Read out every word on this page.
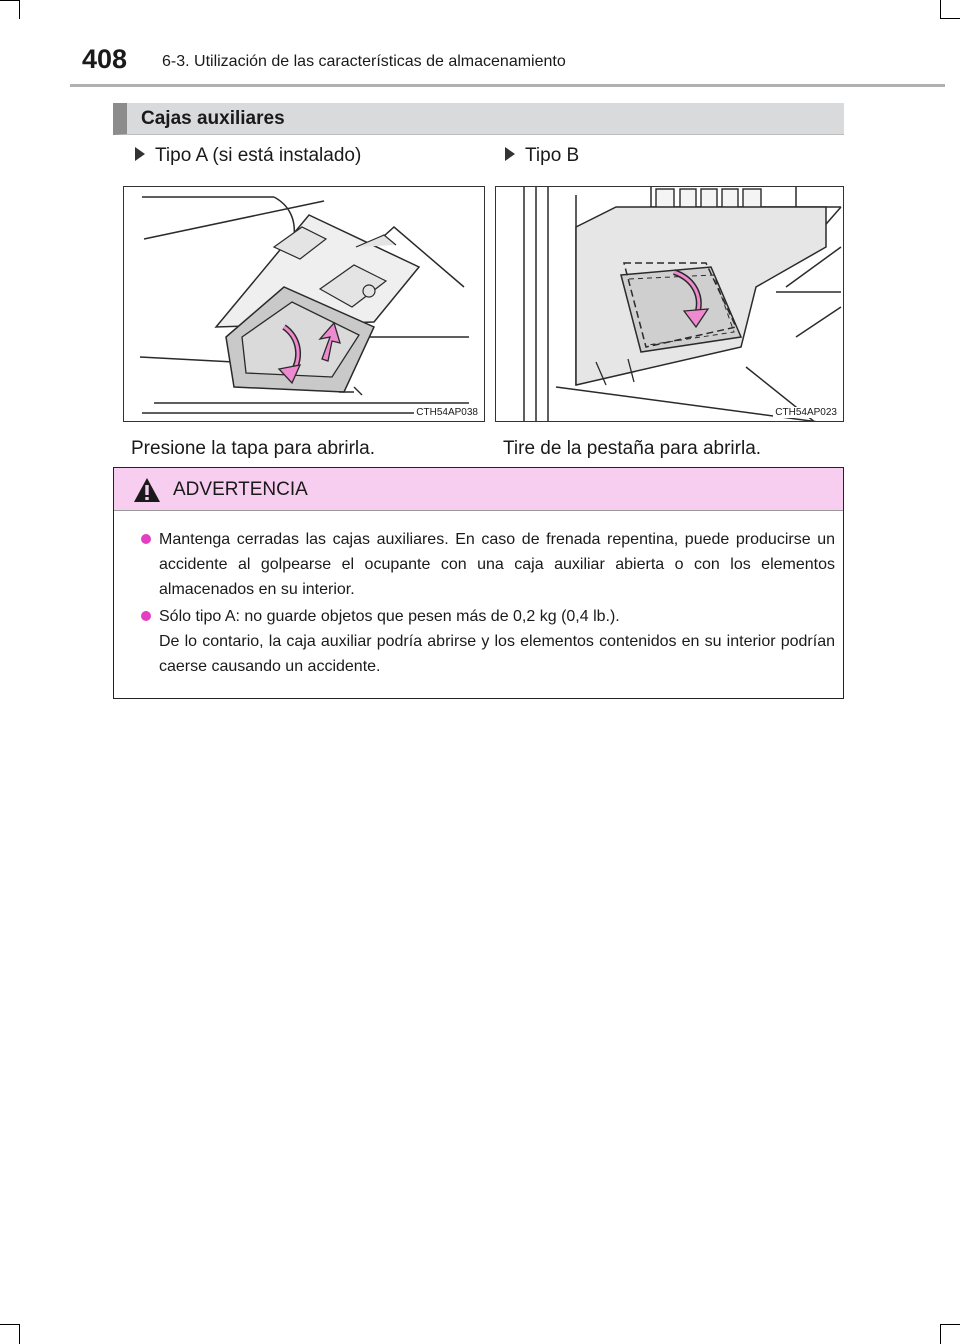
408 6-3. Utilización de las características de almacenamiento
Cajas auxiliares
Tipo A (si está instalado)	Tipo B
CTH54AP038	CTH54AP023
Presione la tapa para abrirla.	Tire de la pestaña para abrirla.
ADVERTENCIA

Mantenga cerradas las cajas auxiliares. En caso de frenada repentina, puede producirse un accidente al golpearse el ocupante con una caja auxiliar abierta o con los elementos almacenados en su interior.

Sólo tipo A: no guarde objetos que pesen más de 0,2 kg (0,4 lb.).
De lo contario, la caja auxiliar podría abrirse y los elementos contenidos en su interior podrían caerse causando un accidente.
